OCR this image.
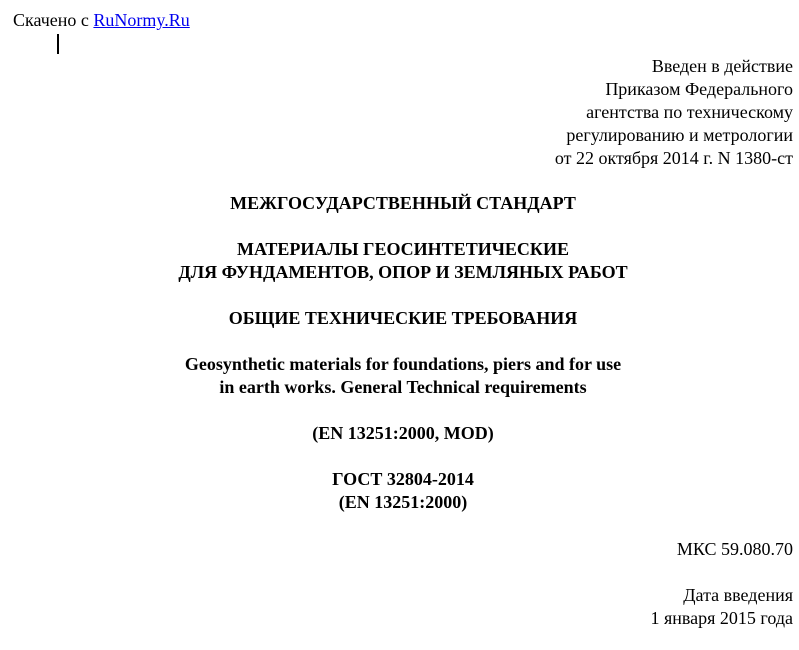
Скачено с RuNormy.Ru
Введен в действие
Приказом Федерального
агентства по техническому
регулированию и метрологии
от 22 октября 2014 г. N 1380-ст
МЕЖГОСУДАРСТВЕННЫЙ СТАНДАРТ
МАТЕРИАЛЫ ГЕОСИНТЕТИЧЕСКИЕ
ДЛЯ ФУНДАМЕНТОВ, ОПОР И ЗЕМЛЯНЫХ РАБОТ
ОБЩИЕ ТЕХНИЧЕСКИЕ ТРЕБОВАНИЯ
Geosynthetic materials for foundations, piers and for use
in earth works. General Technical requirements
(EN 13251:2000, MOD)
ГОСТ 32804-2014
(EN 13251:2000)
МКС 59.080.70
Дата введения
1 января 2015 года
